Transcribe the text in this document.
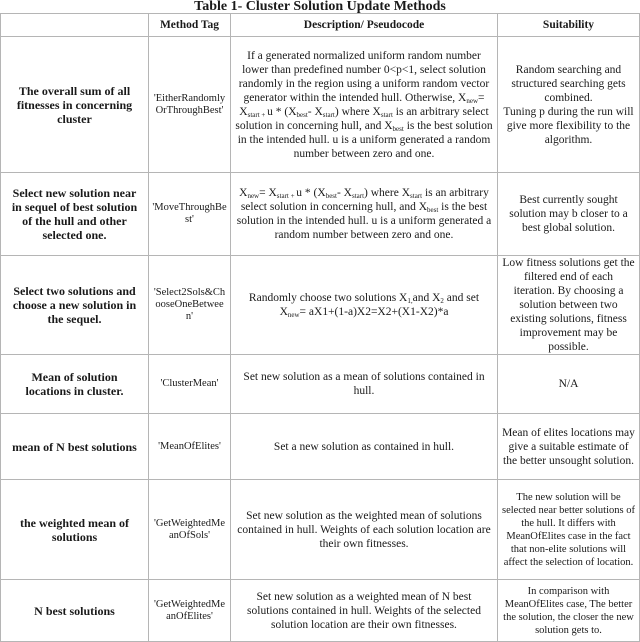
Table 1- Cluster Solution Update Methods
	Method Tag	Description/ Pseudocode	Suitability
The overall sum of all fitnesses in concerning cluster	'EitherRandomlyOrThroughBest'	If a generated normalized uniform random number lower than predefined number 0<p<1, select solution randomly in the region using a uniform random vector generator within the intended hull. Otherwise, $X_{new}= X_{start +}$ u * ($X_{best}-$ $X_{start}$) where $X_{start}$ is an arbitrary select solution in concerning hull, and $X_{best}$ is the best solution in the intended hull. u is a uniform generated a random number between zero and one.	Random searching and structured searching gets combined.
Tuning p during the run will give more flexibility to the algorithm.

Select new solution near in sequel of best solution of the hull and other selected one.	'MoveThroughBest'	$X_{new}= X_{start +}$ u * ($X_{best}-$ $X_{start}$) where $X_{start}$ is an arbitrary select solution in concerning hull, and $X_{best}$ is the best solution in the intended hull. u is a uniform generated a random number between zero and one.	Best currently sought solution may b closer to a best global solution.
Select two solutions and choose a new solution in the sequel.	'Select2Sols&ChooseOneBetween'	Randomly choose two solutions $X_{1,}and$ $X_2$ and set $X_{new}= aX1+(1-a)X2=X2+(X1-X2)*a$	Low fitness solutions get the filtered end of each iteration. By choosing a solution between two existing solutions, fitness improvement may be possible.
Mean of solution locations in cluster.	'ClusterMean'	Set new solution as a mean of solutions contained in hull.	N/A
mean of N best solutions	'MeanOfElites'	Set a new solution as contained in hull.	Mean of elites locations may give a suitable estimate of the better unsought solution.
the weighted mean of solutions	'GetWeightedMeanOfSols'	Set new solution as the weighted mean of solutions contained in hull. Weights of each solution location are their own fitnesses.	The new solution will be selected near better solutions of the hull. It differs with MeanOfElites case in the fact that non-elite solutions will affect the selection of location.
N best solutions	'GetWeightedMeanOfElites'	Set new solution as a weighted mean of N best solutions contained in hull. Weights of the selected solution location are their own fitnesses.	In comparison with MeanOfElites case, The better the solution, the closer the new solution gets to.
